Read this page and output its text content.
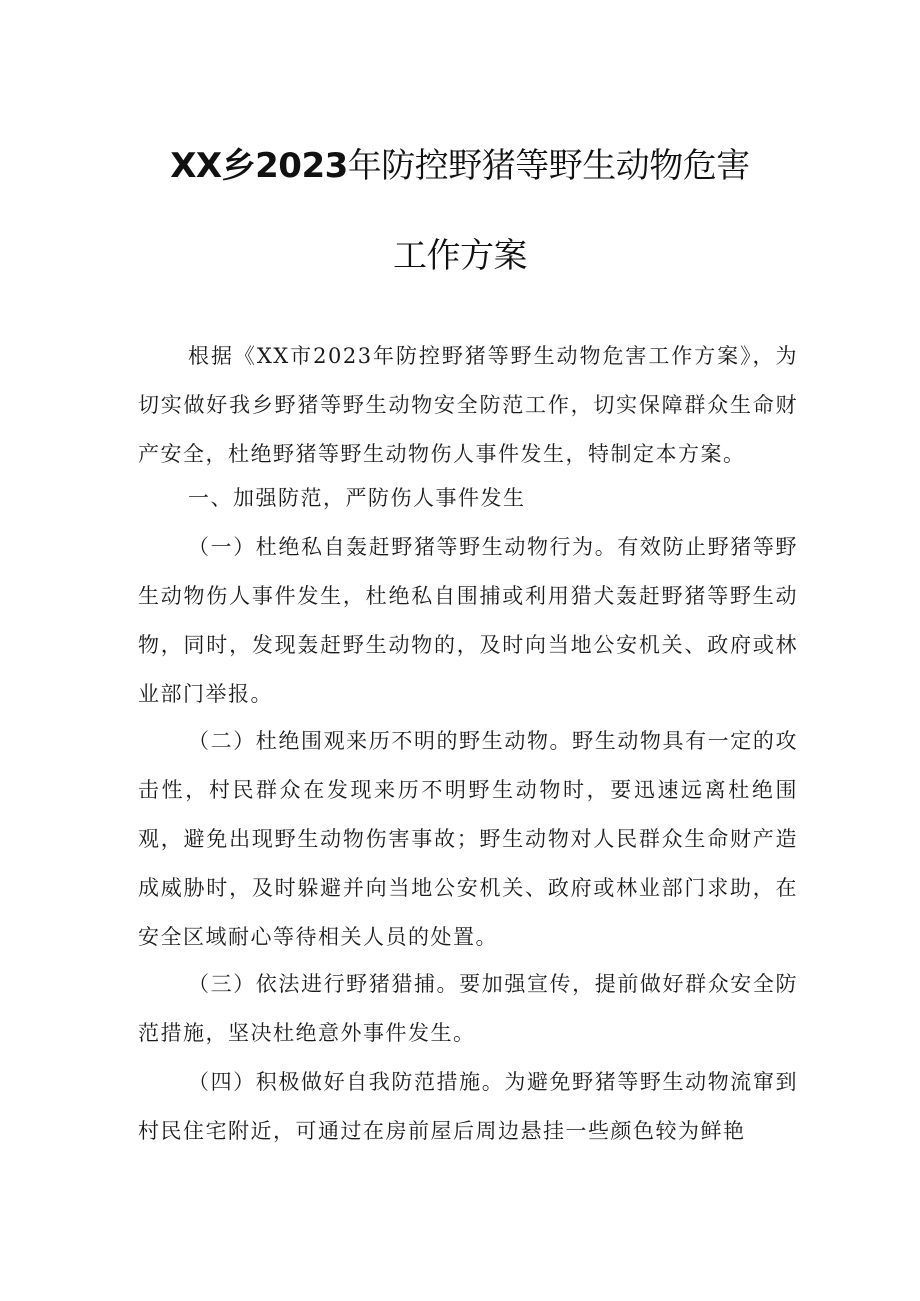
XX乡2023年防控野猪等野生动物危害
工作方案

根据《XX市2023年防控野猪等野生动物危害工作方案》，为切实做好我乡野猪等野生动物安全防范工作，切实保障群众生命财产安全，杜绝野猪等野生动物伤人事件发生，特制定本方案。

一、加强防范，严防伤人事件发生

（一）杜绝私自轰赶野猪等野生动物行为。有效防止野猪等野生动物伤人事件发生，杜绝私自围捕或利用猎犬轰赶野猪等野生动物，同时，发现轰赶野生动物的，及时向当地公安机关、政府或林业部门举报。

（二）杜绝围观来历不明的野生动物。野生动物具有一定的攻击性，村民群众在发现来历不明野生动物时，要迅速远离杜绝围观，避免出现野生动物伤害事故；野生动物对人民群众生命财产造成威胁时，及时躲避并向当地公安机关、政府或林业部门求助，在安全区域耐心等待相关人员的处置。

（三）依法进行野猪猎捕。要加强宣传，提前做好群众安全防范措施，坚决杜绝意外事件发生。

（四）积极做好自我防范措施。为避免野猪等野生动物流窜到村民住宅附近，可通过在房前屋后周边悬挂一些颜色较为鲜艳
